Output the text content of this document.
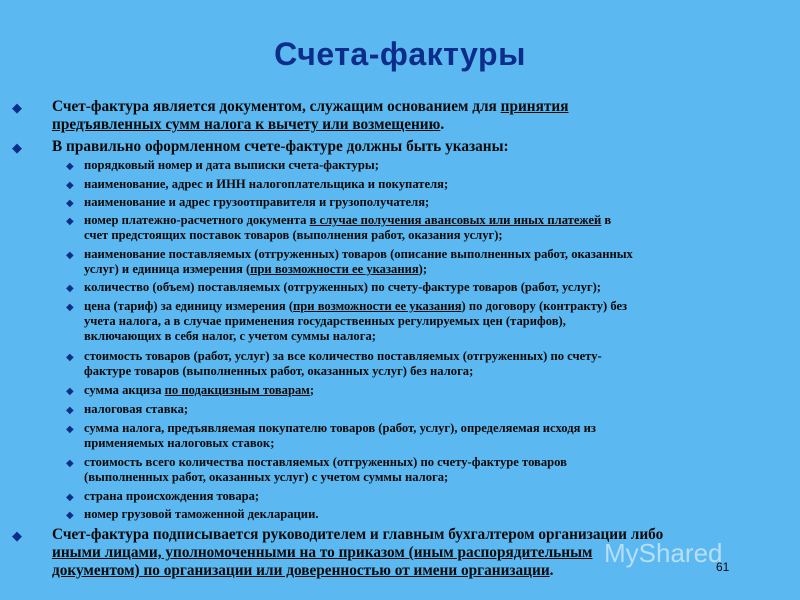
Счета-фактуры
◆ Счет-фактура является документом, служащим основанием для принятия
предъявленных сумм налога к вычету или возмещению.
◆ В правильно оформленном счете-фактуре должны быть указаны:
◆ порядковый номер и дата выписки счета-фактуры;
◆ наименование, адрес и ИНН налогоплательщика и покупателя;
◆ наименование и адрес грузоотправителя и грузополучателя;
◆ номер платежно-расчетного документа в случае получения авансовых или иных платежей в
счет предстоящих поставок товаров (выполнения работ, оказания услуг);
◆ наименование поставляемых (отгруженных) товаров (описание выполненных работ, оказанных
услуг) и единица измерения (при возможности ее указания);
◆ количество (объем) поставляемых (отгруженных) по счету-фактуре товаров (работ, услуг);
◆ цена (тариф) за единицу измерения (при возможности ее указания) по договору (контракту) без
учета налога, а в случае применения государственных регулируемых цен (тарифов),
включающих в себя налог, с учетом суммы налога;
◆ стоимость товаров (работ, услуг) за все количество поставляемых (отгруженных) по счету-
фактуре товаров (выполненных работ, оказанных услуг) без налога;
◆ сумма акциза по подакцизным товарам;
◆ налоговая ставка;
◆ сумма налога, предъявляемая покупателю товаров (работ, услуг), определяемая исходя из
применяемых налоговых ставок;
◆ стоимость всего количества поставляемых (отгруженных) по счету-фактуре товаров
(выполненных работ, оказанных услуг) с учетом суммы налога;
◆ страна происхождения товара;
◆ номер грузовой таможенной декларации.
◆ Счет-фактура подписывается руководителем и главным бухгалтером организации либо
иными лицами, уполномоченными на то приказом (иным распорядительным
документом) по организации или доверенностью от имени организации.
MyShared
61
